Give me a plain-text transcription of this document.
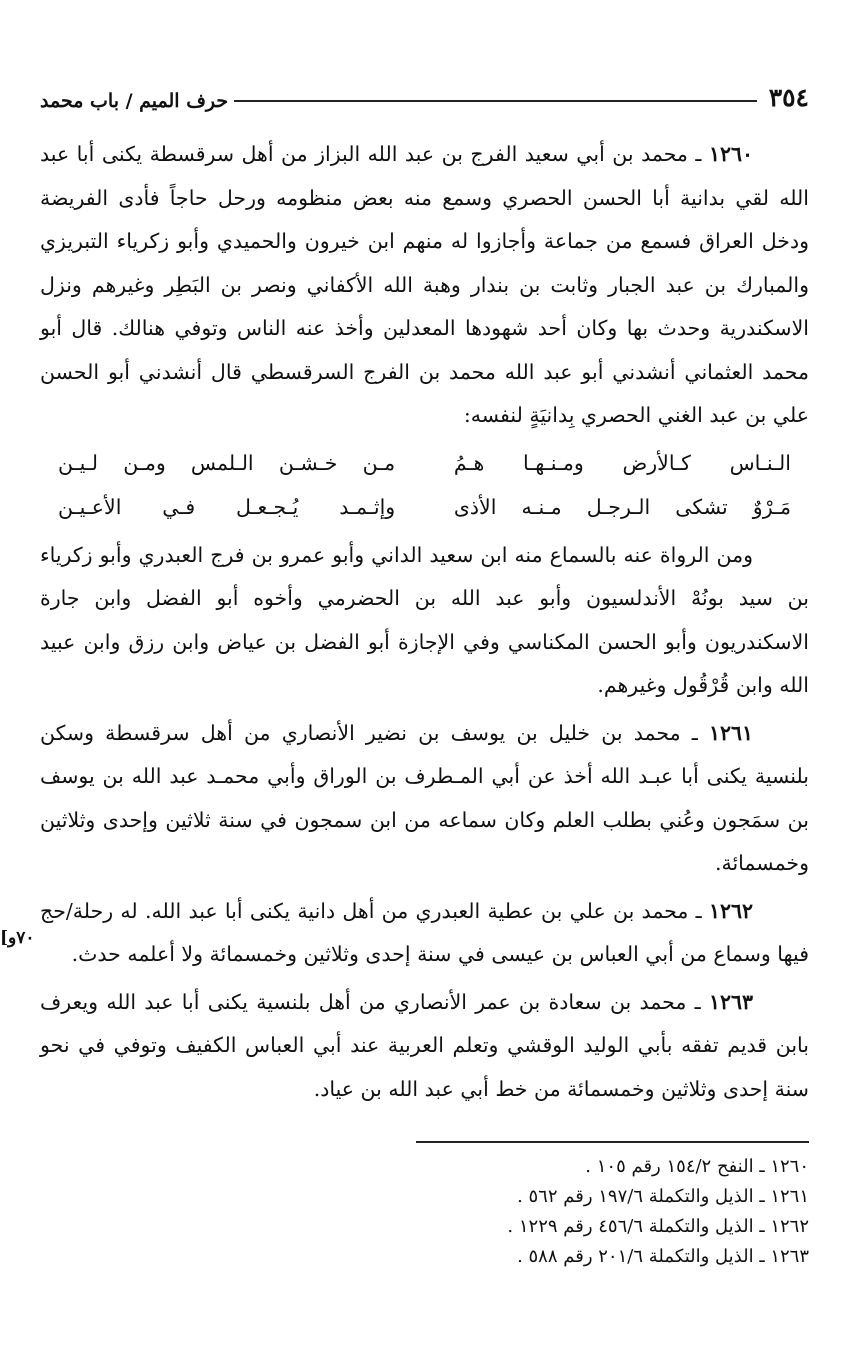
٣٥٤
حرف الميم / باب محمد

١٢٦٠ ـ محمد بن أبي سعيد الفرج بن عبد الله البزاز من أهل سرقسطة يكنى أبا عبد الله لقي بدانية أبا الحسن الحصري وسمع منه بعض منظومه ورحل حاجاً فأدى الفريضة ودخل العراق فسمع من جماعة وأجازوا له منهم ابن خيرون والحميدي وأبو زكرياء التبريزي والمبارك بن عبد الجبار وثابت بن بندار وهبة الله الأكفاني ونصر بن البَطِر وغيرهم ونزل الاسكندرية وحدث بها وكان أحد شهودها المعدلين وأخذ عنه الناس وتوفي هنالك. قال أبو محمد العثماني أنشدني أبو عبد الله محمد بن الفرج السرقسطي قال أنشدني أبو الحسن علي بن عبد الغني الحصري بِدانيَةٍ لنفسه:

الـنـاس كـالأرض ومـنـهـا هـمُ
مـن خـشـن الـلمس ومـن لـيـن
مَـرْوٌ تشكى الـرجـل مـنـه الأذى
وإثـمـد يُـجـعـل فـي الأعـيـن

ومن الرواة عنه بالسماع منه ابن سعيد الداني وأبو عمرو بن فرج العبدري وأبو زكرياء بن سيد بونُهْ الأندلسيون وأبو عبد الله بن الحضرمي وأخوه أبو الفضل وابن جارة الاسكندريون وأبو الحسن المكناسي وفي الإجازة أبو الفضل بن عياض وابن رزق وابن عبيد الله وابن قُرْقُول وغيرهم.

١٢٦١ ـ محمد بن خليل بن يوسف بن نضير الأنصاري من أهل سرقسطة وسكن بلنسية يكنى أبا عبـد الله أخذ عن أبي المـطرف بن الوراق وأبي محمـد عبد الله بن يوسف بن سمَجون وعُني بطلب العلم وكان سماعه من ابن سمجون في سنة ثلاثين وإحدى وثلاثين وخمسمائة.

١٢٦٢ ـ محمد بن علي بن عطية العبدري من أهل دانية يكنى أبا عبد الله. له رحلة/حج فيها وسماع من أبي العباس بن عيسى في سنة إحدى وثلاثين وخمسمائة ولا أعلمه حدث.

١٢٦٣ ـ محمد بن سعادة بن عمر الأنصاري من أهل بلنسية يكنى أبا عبد الله ويعرف بابن قديم تفقه بأبي الوليد الوقشي وتعلم العربية عند أبي العباس الكفيف وتوفي في نحو سنة إحدى وثلاثين وخمسمائة من خط أبي عبد الله بن عياد.

[٧٠و

١٢٦٠ ـ النفح ١٥٤/٢ رقم ١٠٥ .

١٢٦١ ـ الذيل والتكملة ١٩٧/٦ رقم ٥٦٢ .

١٢٦٢ ـ الذيل والتكملة ٤٥٦/٦ رقم ١٢٢٩ .

١٢٦٣ ـ الذيل والتكملة ٢٠١/٦ رقم ٥٨٨ .
